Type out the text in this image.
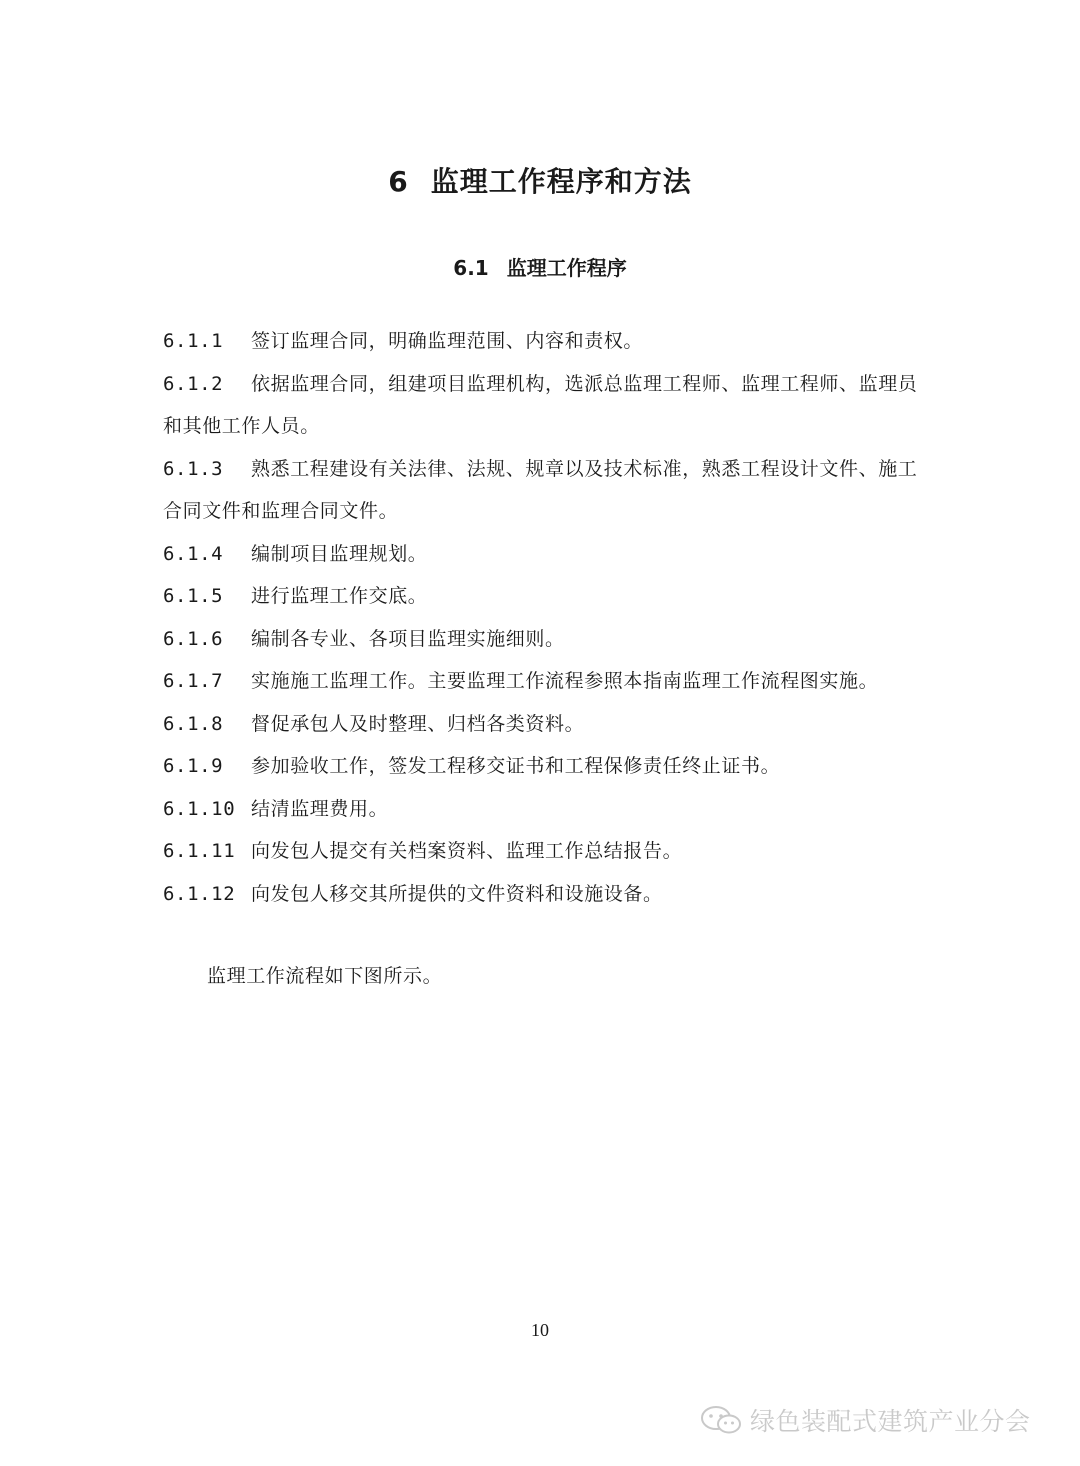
6 监理工作程序和方法
6.1 监理工作程序
6.1.1 签订监理合同，明确监理范围、内容和责权。
6.1.2 依据监理合同，组建项目监理机构，选派总监理工程师、监理工程师、监理员和其他工作人员。
6.1.3 熟悉工程建设有关法律、法规、规章以及技术标准，熟悉工程设计文件、施工合同文件和监理合同文件。
6.1.4 编制项目监理规划。
6.1.5 进行监理工作交底。
6.1.6 编制各专业、各项目监理实施细则。
6.1.7 实施施工监理工作。主要监理工作流程参照本指南监理工作流程图实施。
6.1.8 督促承包人及时整理、归档各类资料。
6.1.9 参加验收工作，签发工程移交证书和工程保修责任终止证书。
6.1.10 结清监理费用。
6.1.11 向发包人提交有关档案资料、监理工作总结报告。
6.1.12 向发包人移交其所提供的文件资料和设施设备。
监理工作流程如下图所示。
10
绿色装配式建筑产业分会
